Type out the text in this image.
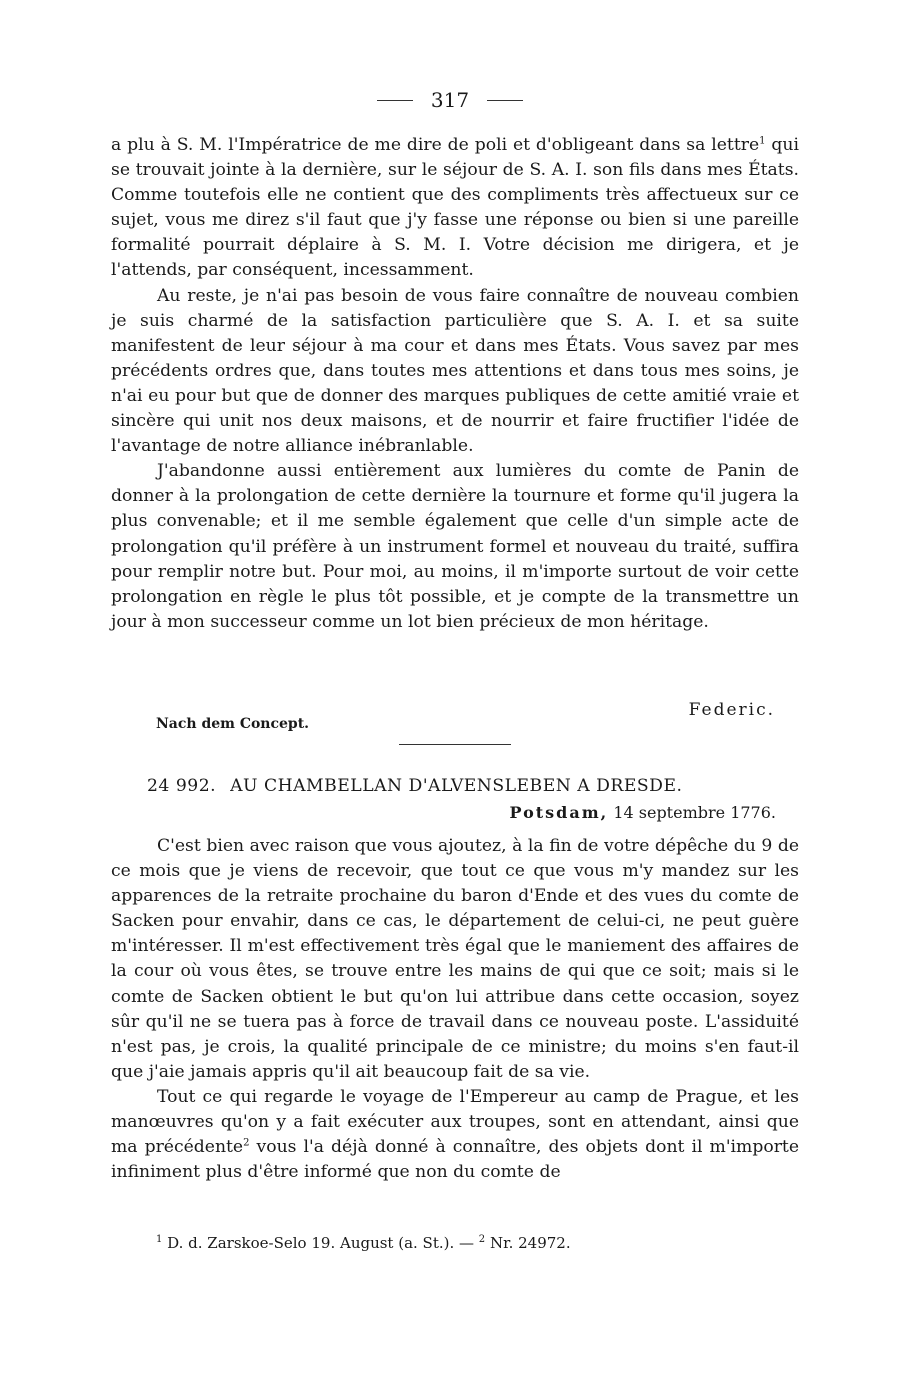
317

a plu à S. M. l'Impératrice de me dire de poli et d'obligeant dans sa lettre$^1$ qui se trouvait jointe à la dernière, sur le séjour de S. A. I. son fils dans mes États. Comme toutefois elle ne contient que des compliments très affectueux sur ce sujet, vous me direz s'il faut que j'y fasse une réponse ou bien si une pareille formalité pourrait déplaire à S. M. I. Votre décision me dirigera, et je l'attends, par conséquent, incessamment.

Au reste, je n'ai pas besoin de vous faire connaître de nouveau combien je suis charmé de la satisfaction particulière que S. A. I. et sa suite manifestent de leur séjour à ma cour et dans mes États. Vous savez par mes précédents ordres que, dans toutes mes attentions et dans tous mes soins, je n'ai eu pour but que de donner des marques publiques de cette amitié vraie et sincère qui unit nos deux maisons, et de nourrir et faire fructifier l'idée de l'avantage de notre alliance inébranlable.

J'abandonne aussi entièrement aux lumières du comte de Panin de donner à la prolongation de cette dernière la tournure et forme qu'il jugera la plus convenable; et il me semble également que celle d'un simple acte de prolongation qu'il préfère à un instrument formel et nouveau du traité, suffira pour remplir notre but. Pour moi, au moins, il m'importe surtout de voir cette prolongation en règle le plus tôt possible, et je compte de la transmettre un jour à mon successeur comme un lot bien précieux de mon héritage.

Federic.
Nach dem Concept.
24 992. AU CHAMBELLAN D'ALVENSLEBEN A DRESDE.
Potsdam, 14 septembre 1776.

C'est bien avec raison que vous ajoutez, à la fin de votre dépêche du 9 de ce mois que je viens de recevoir, que tout ce que vous m'y mandez sur les apparences de la retraite prochaine du baron d'Ende et des vues du comte de Sacken pour envahir, dans ce cas, le département de celui-ci, ne peut guère m'intéresser. Il m'est effectivement très égal que le maniement des affaires de la cour où vous êtes, se trouve entre les mains de qui que ce soit; mais si le comte de Sacken obtient le but qu'on lui attribue dans cette occasion, soyez sûr qu'il ne se tuera pas à force de travail dans ce nouveau poste. L'assiduité n'est pas, je crois, la qualité principale de ce ministre; du moins s'en faut-il que j'aie jamais appris qu'il ait beaucoup fait de sa vie.

Tout ce qui regarde le voyage de l'Empereur au camp de Prague, et les manœuvres qu'on y a fait exécuter aux troupes, sont en attendant, ainsi que ma précédente$^2$ vous l'a déjà donné à connaître, des objets dont il m'importe infiniment plus d'être informé que non du comte de

$^1$ D. d. Zarskoe-Selo 19. August (a. St.). — $^2$ Nr. 24972.
